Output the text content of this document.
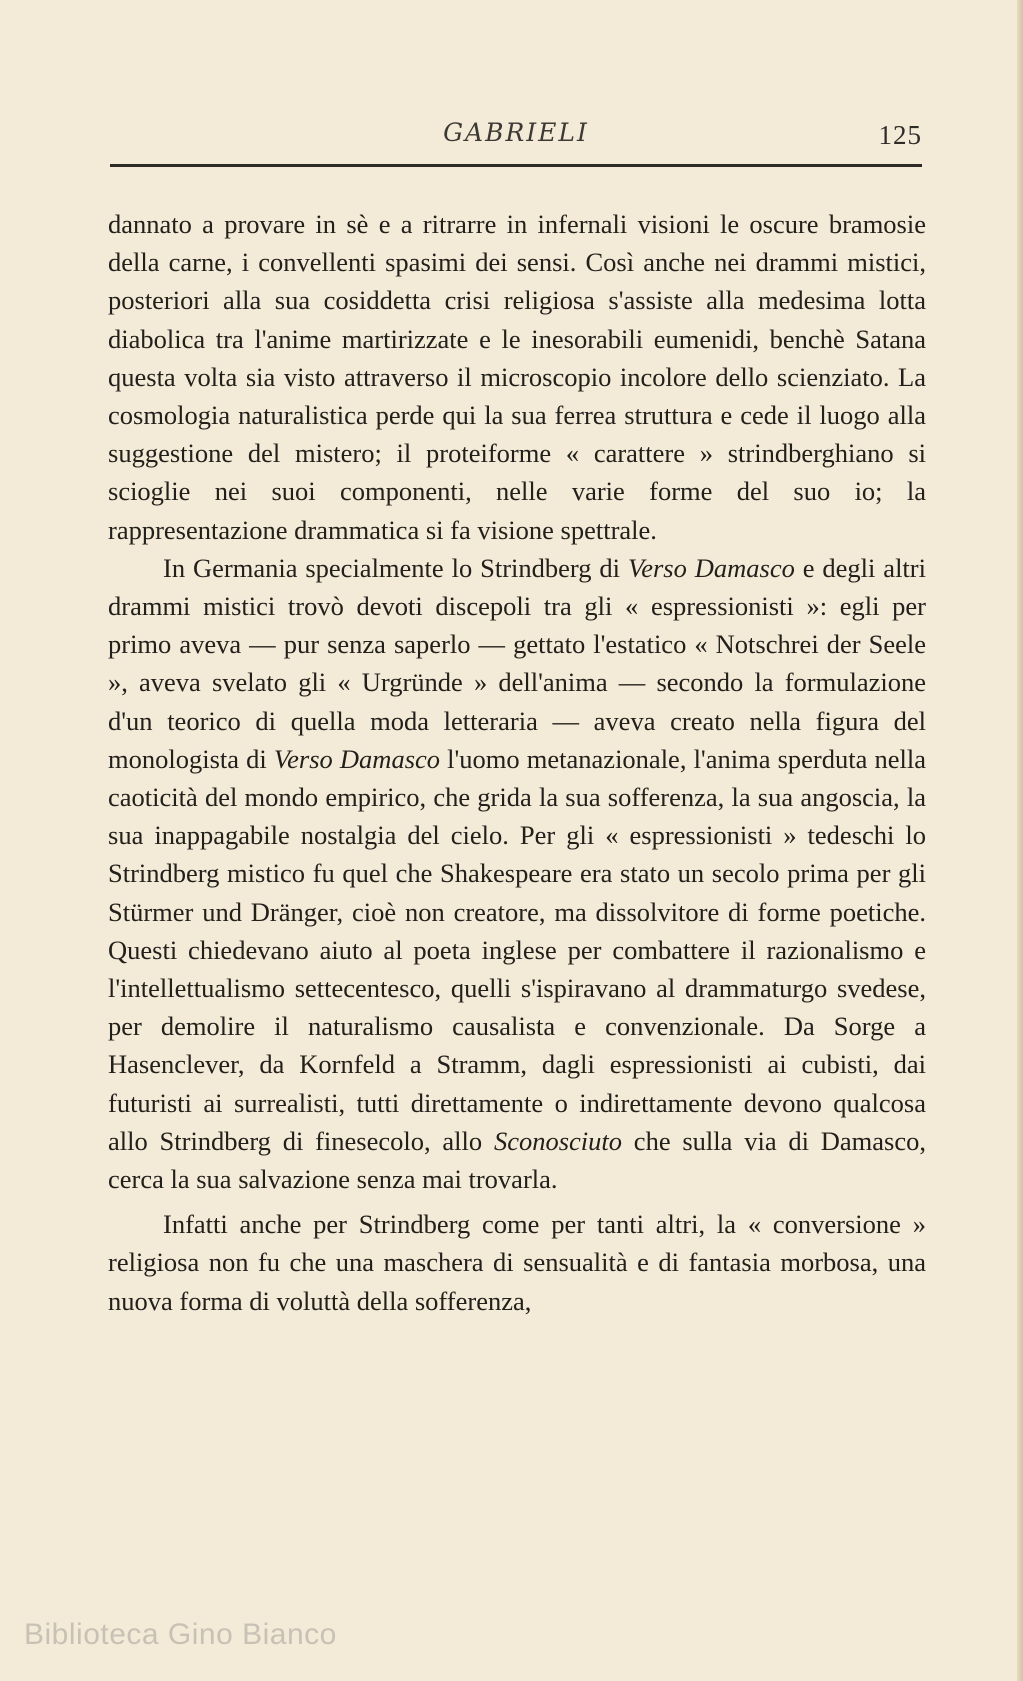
GABRIELI	125

dannato a provare in sè e a ritrarre in infernali visioni le oscure bramosie della carne, i convellenti spasimi dei sensi. Così anche nei drammi mistici, posteriori alla sua cosiddetta crisi religiosa s'assiste alla medesima lotta diabolica tra l'anime martirizzate e le inesorabili eumenidi, benchè Satana questa volta sia visto attraverso il microscopio incolore dello scienziato. La cosmologia naturalistica perde qui la sua ferrea struttura e cede il luogo alla suggestione del mistero; il proteiforme « carattere » strindberghiano si scioglie nei suoi componenti, nelle varie forme del suo io; la rappresentazione drammatica si fa visione spettrale.

In Germania specialmente lo Strindberg di Verso Damasco e degli altri drammi mistici trovò devoti discepoli tra gli « espressionisti »: egli per primo aveva — pur senza saperlo — gettato l'estatico « Notschrei der Seele », aveva svelato gli « Urgründe » dell'anima — secondo la formulazione d'un teorico di quella moda letteraria — aveva creato nella figura del monologista di Verso Damasco l'uomo metanazionale, l'anima sperduta nella caoticità del mondo empirico, che grida la sua sofferenza, la sua angoscia, la sua inappagabile nostalgia del cielo. Per gli « espressionisti » tedeschi lo Strindberg mistico fu quel che Shakespeare era stato un secolo prima per gli Stürmer und Dränger, cioè non creatore, ma dissolvitore di forme poetiche. Questi chiedevano aiuto al poeta inglese per combattere il razionalismo e l'intellettualismo settecentesco, quelli s'ispiravano al drammaturgo svedese, per demolire il naturalismo causalista e convenzionale. Da Sorge a Hasenclever, da Kornfeld a Stramm, dagli espressionisti ai cubisti, dai futuristi ai surrealisti, tutti direttamente o indirettamente devono qualcosa allo Strindberg di finesecolo, allo Sconosciuto che sulla via di Damasco, cerca la sua salvazione senza mai trovarla.

Infatti anche per Strindberg come per tanti altri, la « conversione » religiosa non fu che una maschera di sensualità e di fantasia morbosa, una nuova forma di voluttà della sofferenza,

Biblioteca Gino Bianco
